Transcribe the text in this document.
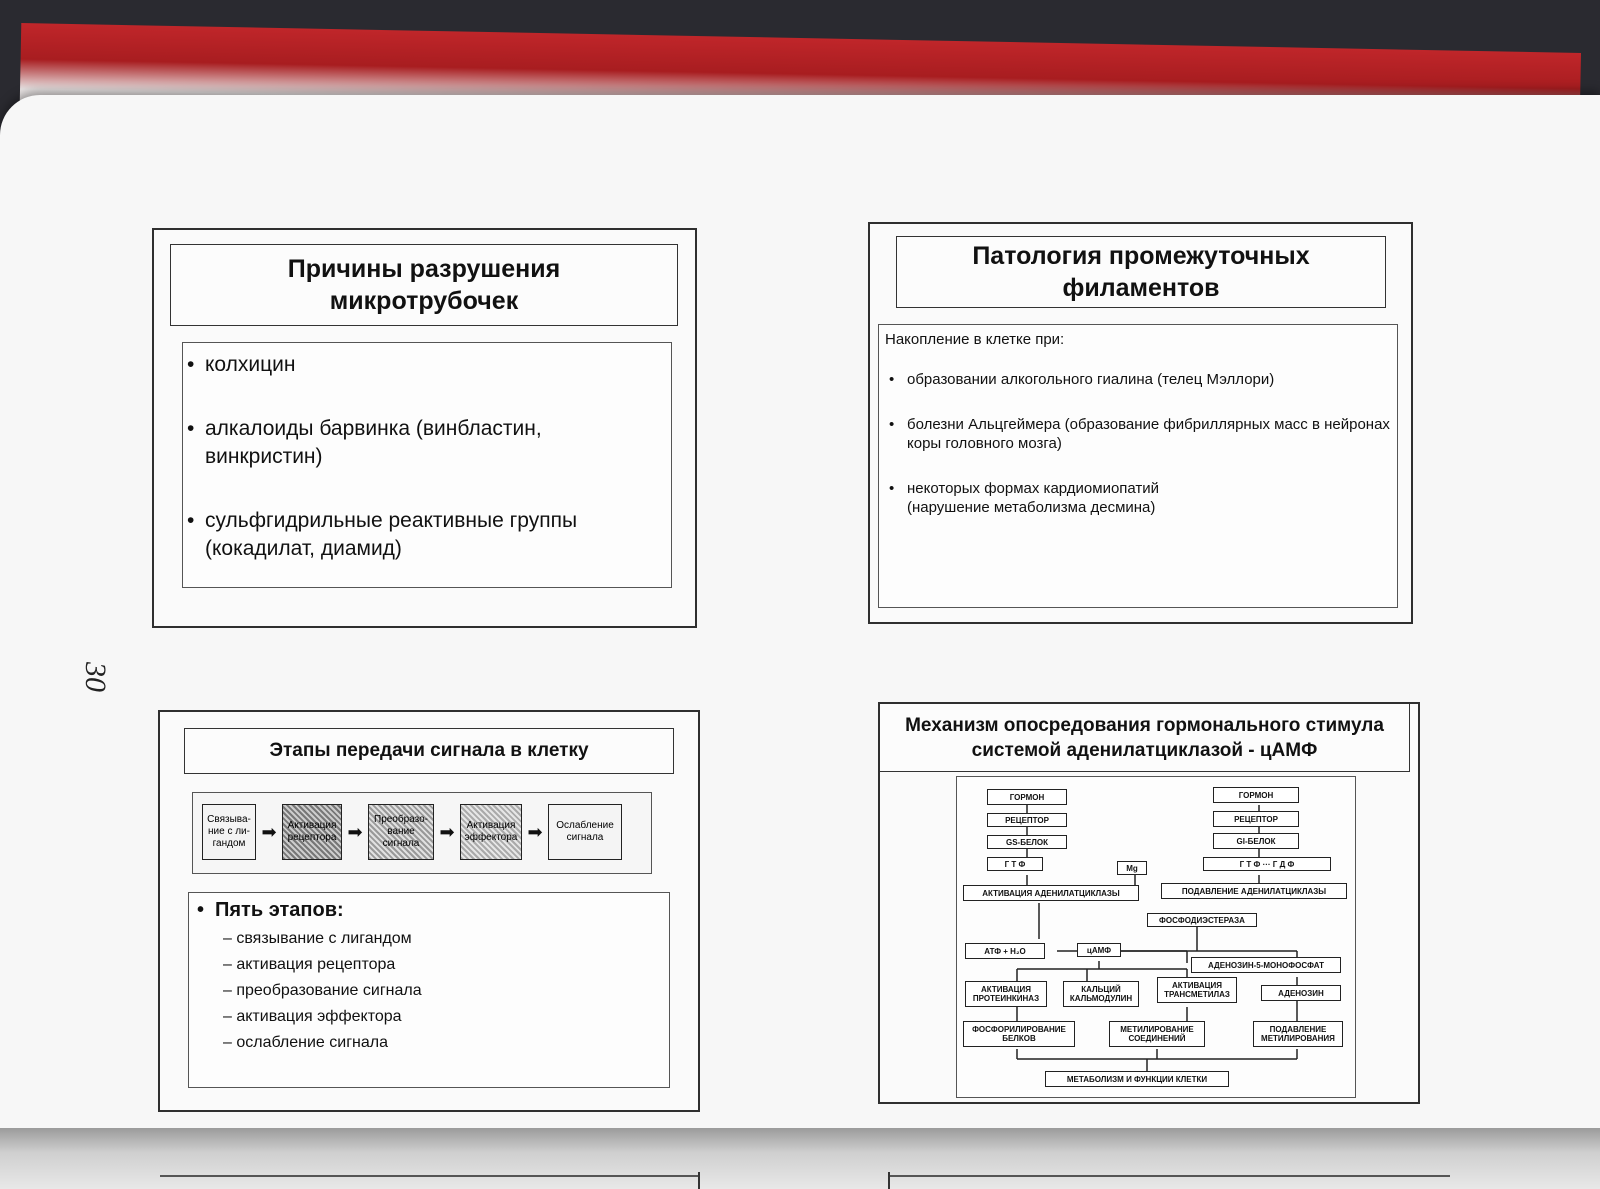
30
Причины разрушения микротрубочек
• колхицин
• алкалоиды барвинка (винбластин, винкристин)
• сульфгидрильные реактивные группы (кокадилат, диамид)
Патология промежуточных филаментов
Накопление в клетке при:
• образовании алкогольного гиалина (телец Мэллори)
• болезни Альцгеймера (образование фибриллярных масс в нейронах коры головного мозга)
• некоторых формах кардиомиопатий (нарушение метаболизма десмина)
Этапы передачи сигнала в клетку
Связыва-ние с ли-гандом
➡	Активация рецептора ➡
Преобразо-вание сигнала
➡	Активация эффектора ➡	Ослабление сигнала
• Пять этапов:
– связывание с лигандом
– активация рецептора
– преобразование сигнала
– активация эффектора
– ослабление сигнала
Механизм опосредования гормонального стимула системой аденилатциклазой - цАМФ
ГОРМОН
РЕЦЕПТОР
GS-БЕЛОК
Г Т Ф	Mg
ГОРМОН
РЕЦЕПТОР
GI-БЕЛОК
Г Т Ф ··· Г Д Ф
АКТИВАЦИЯ АДЕНИЛАТЦИКЛАЗЫ	ПОДАВЛЕНИЕ АДЕНИЛАТЦИКЛАЗЫ
ФОСФОДИЭСТЕРАЗА
АТФ + H₂O	цАМФ
АДЕНОЗИН-5-МОНОФОСФАТ
АКТИВАЦИЯ ПРОТЕИНКИНАЗ
КАЛЬЦИЙ КАЛЬМОДУЛИН
АКТИВАЦИЯ ТРАНСМЕТИЛАЗ	АДЕНОЗИН
ФОСФОРИЛИРОВАНИЕ БЕЛКОВ
МЕТИЛИРОВАНИЕ СОЕДИНЕНИЙ
ПОДАВЛЕНИЕ МЕТИЛИРОВАНИЯ
МЕТАБОЛИЗМ И ФУНКЦИИ КЛЕТКИ
